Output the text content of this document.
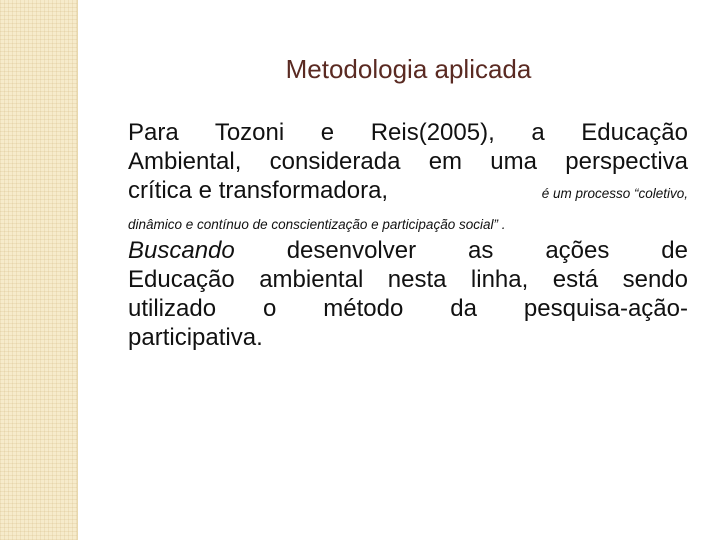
Metodologia aplicada
Para Tozoni e Reis(2005), a Educação
Ambiental, considerada em uma perspectiva
crítica e transformadora,	é um processo “coletivo,
dinâmico e contínuo de conscientização e participação social” .
Buscando desenvolver as ações de
Educação ambiental nesta linha, está sendo
utilizado o método da pesquisa-ação-
participativa.
